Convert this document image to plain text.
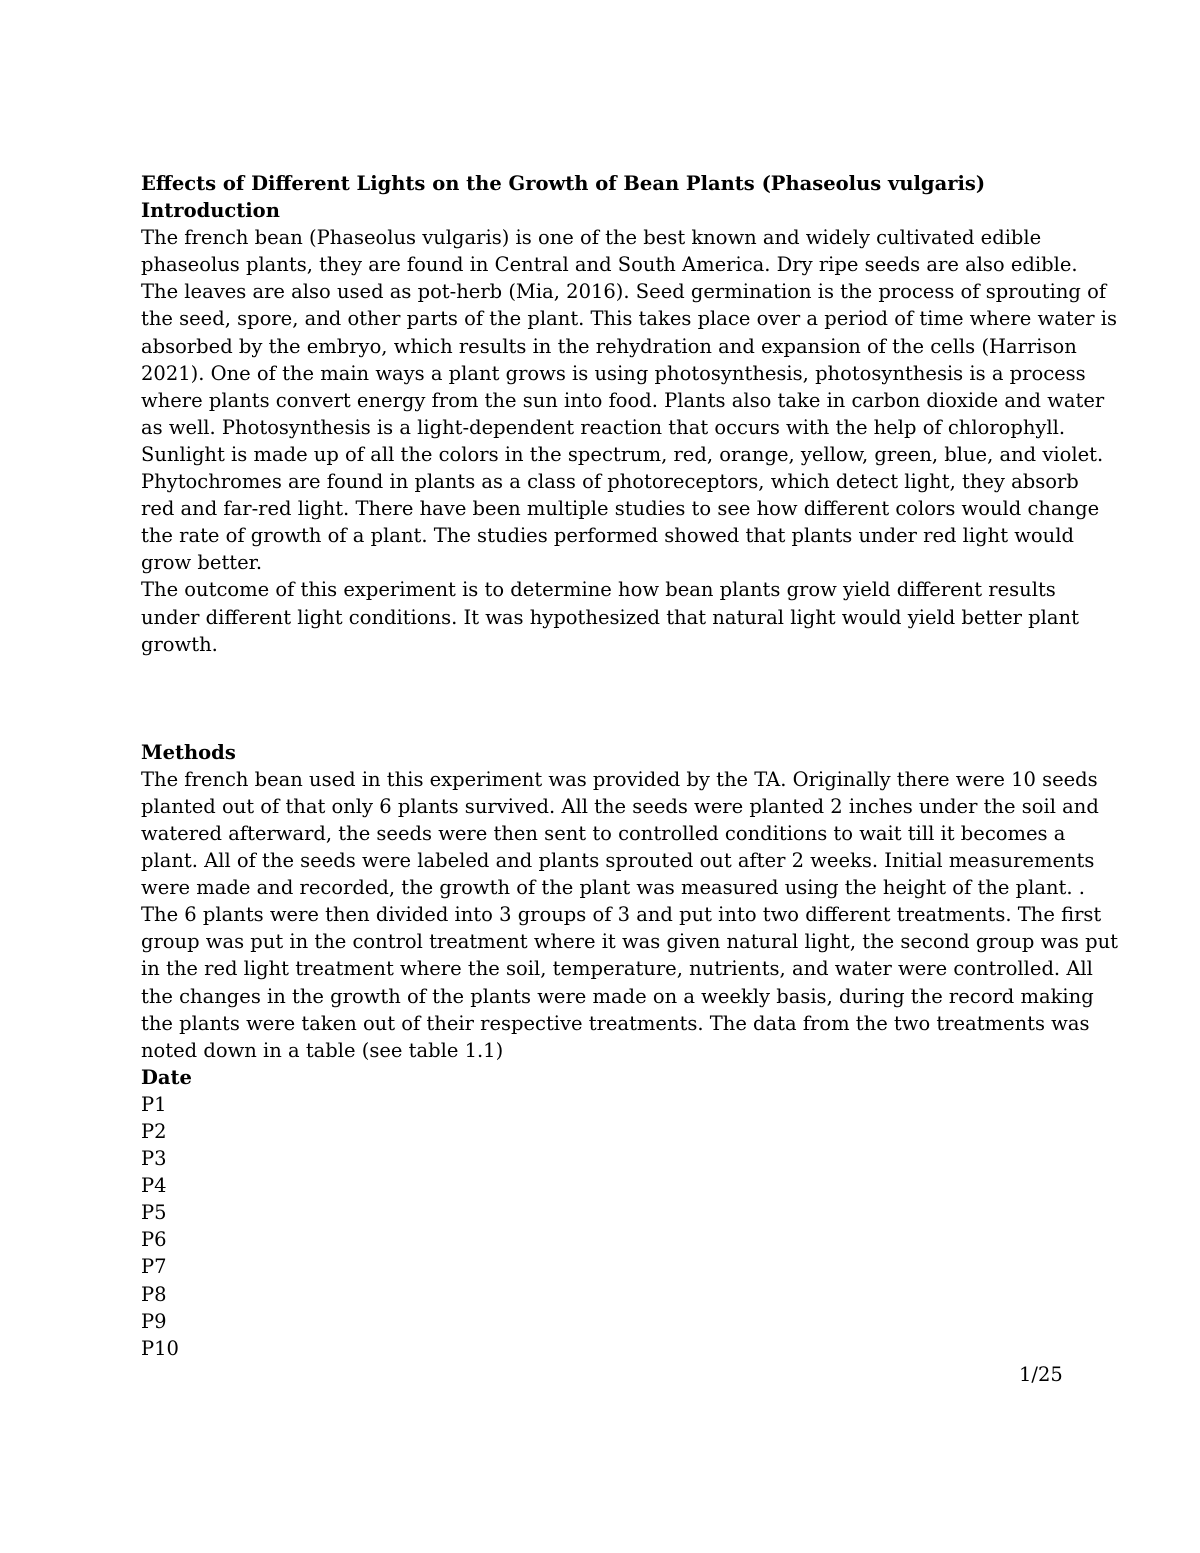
Effects of Different Lights on the Growth of Bean Plants (Phaseolus vulgaris)
Introduction
The french bean (Phaseolus vulgaris) is one of the best known and widely cultivated edible
phaseolus plants, they are found in Central and South America. Dry ripe seeds are also edible.
The leaves are also used as pot-herb (Mia, 2016). Seed germination is the process of sprouting of
the seed, spore, and other parts of the plant. This takes place over a period of time where water is
absorbed by the embryo, which results in the rehydration and expansion of the cells (Harrison
2021). One of the main ways a plant grows is using photosynthesis, photosynthesis is a process
where plants convert energy from the sun into food. Plants also take in carbon dioxide and water
as well. Photosynthesis is a light-dependent reaction that occurs with the help of chlorophyll.
Sunlight is made up of all the colors in the spectrum, red, orange, yellow, green, blue, and violet.
Phytochromes are found in plants as a class of photoreceptors, which detect light, they absorb
red and far-red light. There have been multiple studies to see how different colors would change
the rate of growth of a plant. The studies performed showed that plants under red light would
grow better.
The outcome of this experiment is to determine how bean plants grow yield different results
under different light conditions. It was hypothesized that natural light would yield better plant
growth.
Methods
The french bean used in this experiment was provided by the TA. Originally there were 10 seeds
planted out of that only 6 plants survived. All the seeds were planted 2 inches under the soil and
watered afterward, the seeds were then sent to controlled conditions to wait till it becomes a
plant. All of the seeds were labeled and plants sprouted out after 2 weeks. Initial measurements
were made and recorded, the growth of the plant was measured using the height of the plant. .
The 6 plants were then divided into 3 groups of 3 and put into two different treatments. The first
group was put in the control treatment where it was given natural light, the second group was put
in the red light treatment where the soil, temperature, nutrients, and water were controlled. All
the changes in the growth of the plants were made on a weekly basis, during the record making
the plants were taken out of their respective treatments. The data from the two treatments was
noted down in a table (see table 1.1)
Date
P1
P2
P3
P4
P5
P6
P7
P8
P9
P10
1/25
